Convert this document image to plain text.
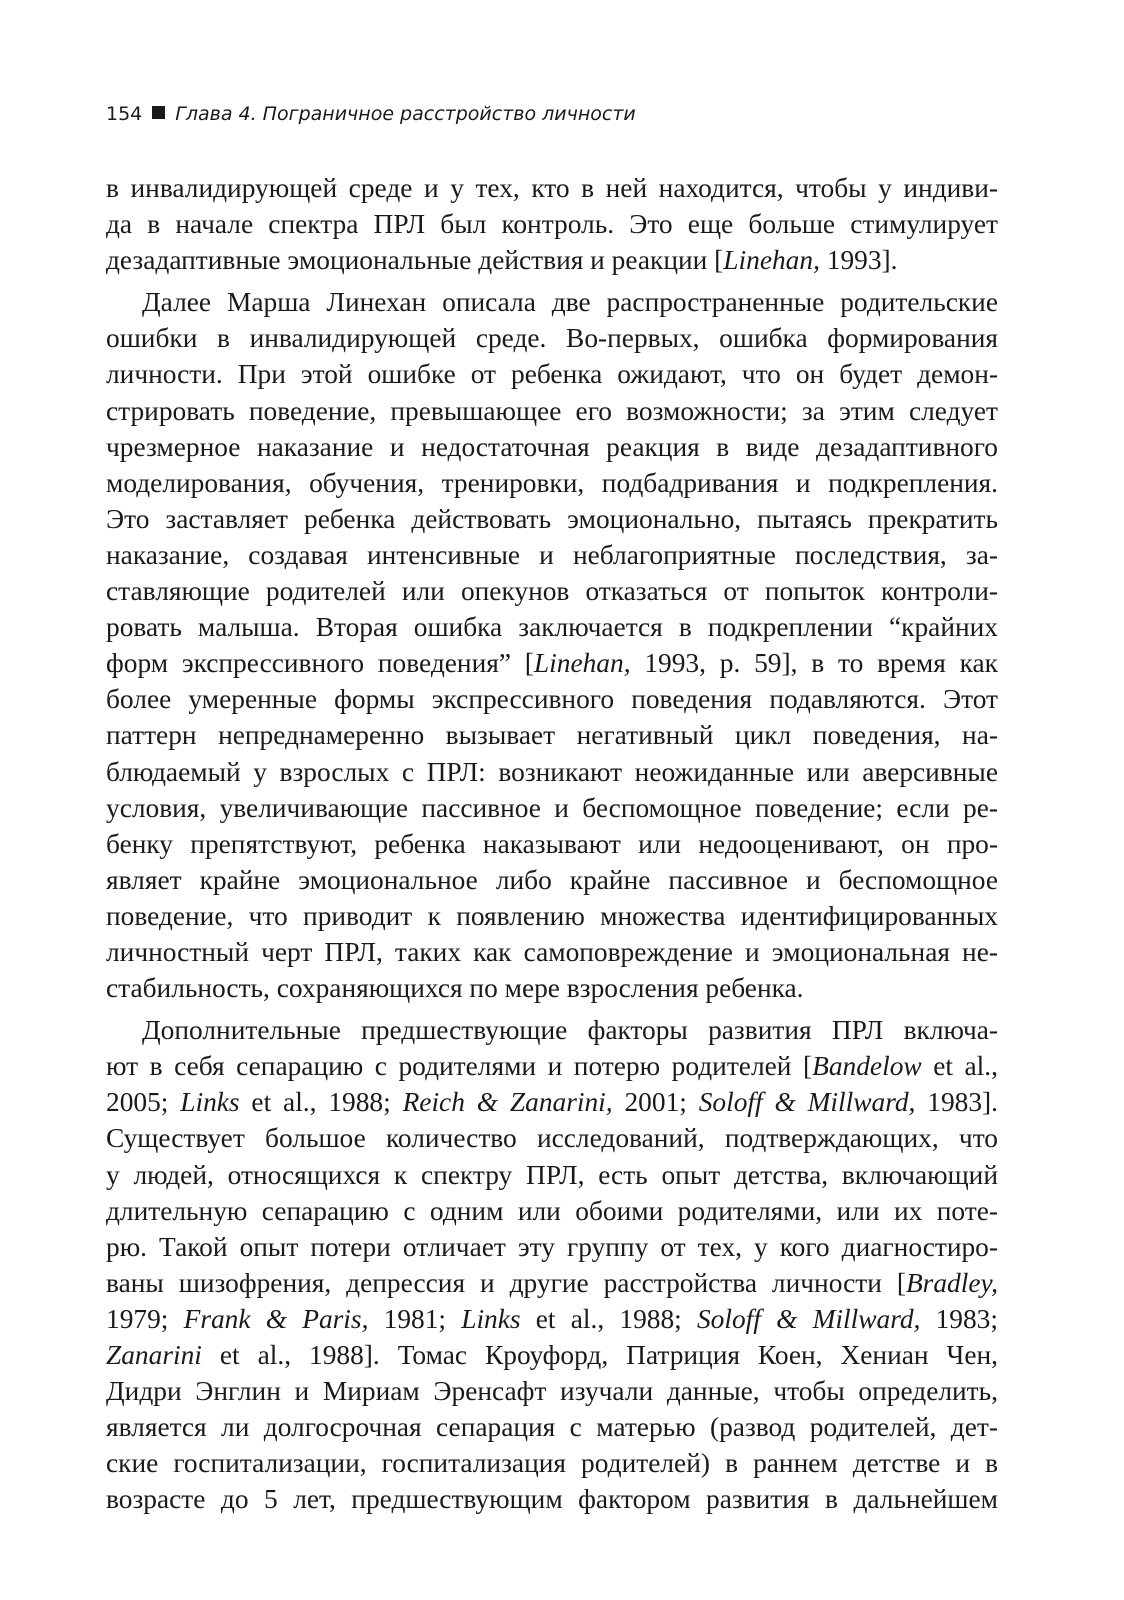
154 Глава 4. Пограничное расстройство личности
в инвалидирующей среде и у тех, кто в ней находится, чтобы у индиви-
да в начале спектра ПРЛ был контроль. Это еще больше стимулирует
дезадаптивные эмоциональные действия и реакции [Linehan, 1993].
Далее Марша Линехан описала две распространенные родительские
ошибки в инвалидирующей среде. Во-первых, ошибка формирования
личности. При этой ошибке от ребенка ожидают, что он будет демон-
стрировать поведение, превышающее его возможности; за этим следует
чрезмерное наказание и недостаточная реакция в виде дезадаптивного
моделирования, обучения, тренировки, подбадривания и подкрепления.
Это заставляет ребенка действовать эмоционально, пытаясь прекратить
наказание, создавая интенсивные и неблагоприятные последствия, за-
ставляющие родителей или опекунов отказаться от попыток контроли-
ровать малыша. Вторая ошибка заключается в подкреплении “крайних
форм экспрессивного поведения” [Linehan, 1993, p. 59], в то время как
более умеренные формы экспрессивного поведения подавляются. Этот
паттерн непреднамеренно вызывает негативный цикл поведения, на-
блюдаемый у взрослых с ПРЛ: возникают неожиданные или аверсивные
условия, увеличивающие пассивное и беспомощное поведение; если ре-
бенку препятствуют, ребенка наказывают или недооценивают, он про-
являет крайне эмоциональное либо крайне пассивное и беспомощное
поведение, что приводит к появлению множества идентифицированных
личностный черт ПРЛ, таких как самоповреждение и эмоциональная не-
стабильность, сохраняющихся по мере взросления ребенка.
Дополнительные предшествующие факторы развития ПРЛ включа-
ют в себя сепарацию с родителями и потерю родителей [Bandelow et al.,
2005; Links et al., 1988; Reich & Zanarini, 2001; Soloff & Millward, 1983].
Существует большое количество исследований, подтверждающих, что
у людей, относящихся к спектру ПРЛ, есть опыт детства, включающий
длительную сепарацию с одним или обоими родителями, или их поте-
рю. Такой опыт потери отличает эту группу от тех, у кого диагностиро-
ваны шизофрения, депрессия и другие расстройства личности [Bradley,
1979; Frank & Paris, 1981; Links et al., 1988; Soloff & Millward, 1983;
Zanarini et al., 1988]. Томас Кроуфорд, Патриция Коен, Хениан Чен,
Дидри Энглин и Мириам Эренсафт изучали данные, чтобы определить,
является ли долгосрочная сепарация с матерью (развод родителей, дет-
ские госпитализации, госпитализация родителей) в раннем детстве и в
возрасте до 5 лет, предшествующим фактором развития в дальнейшем
